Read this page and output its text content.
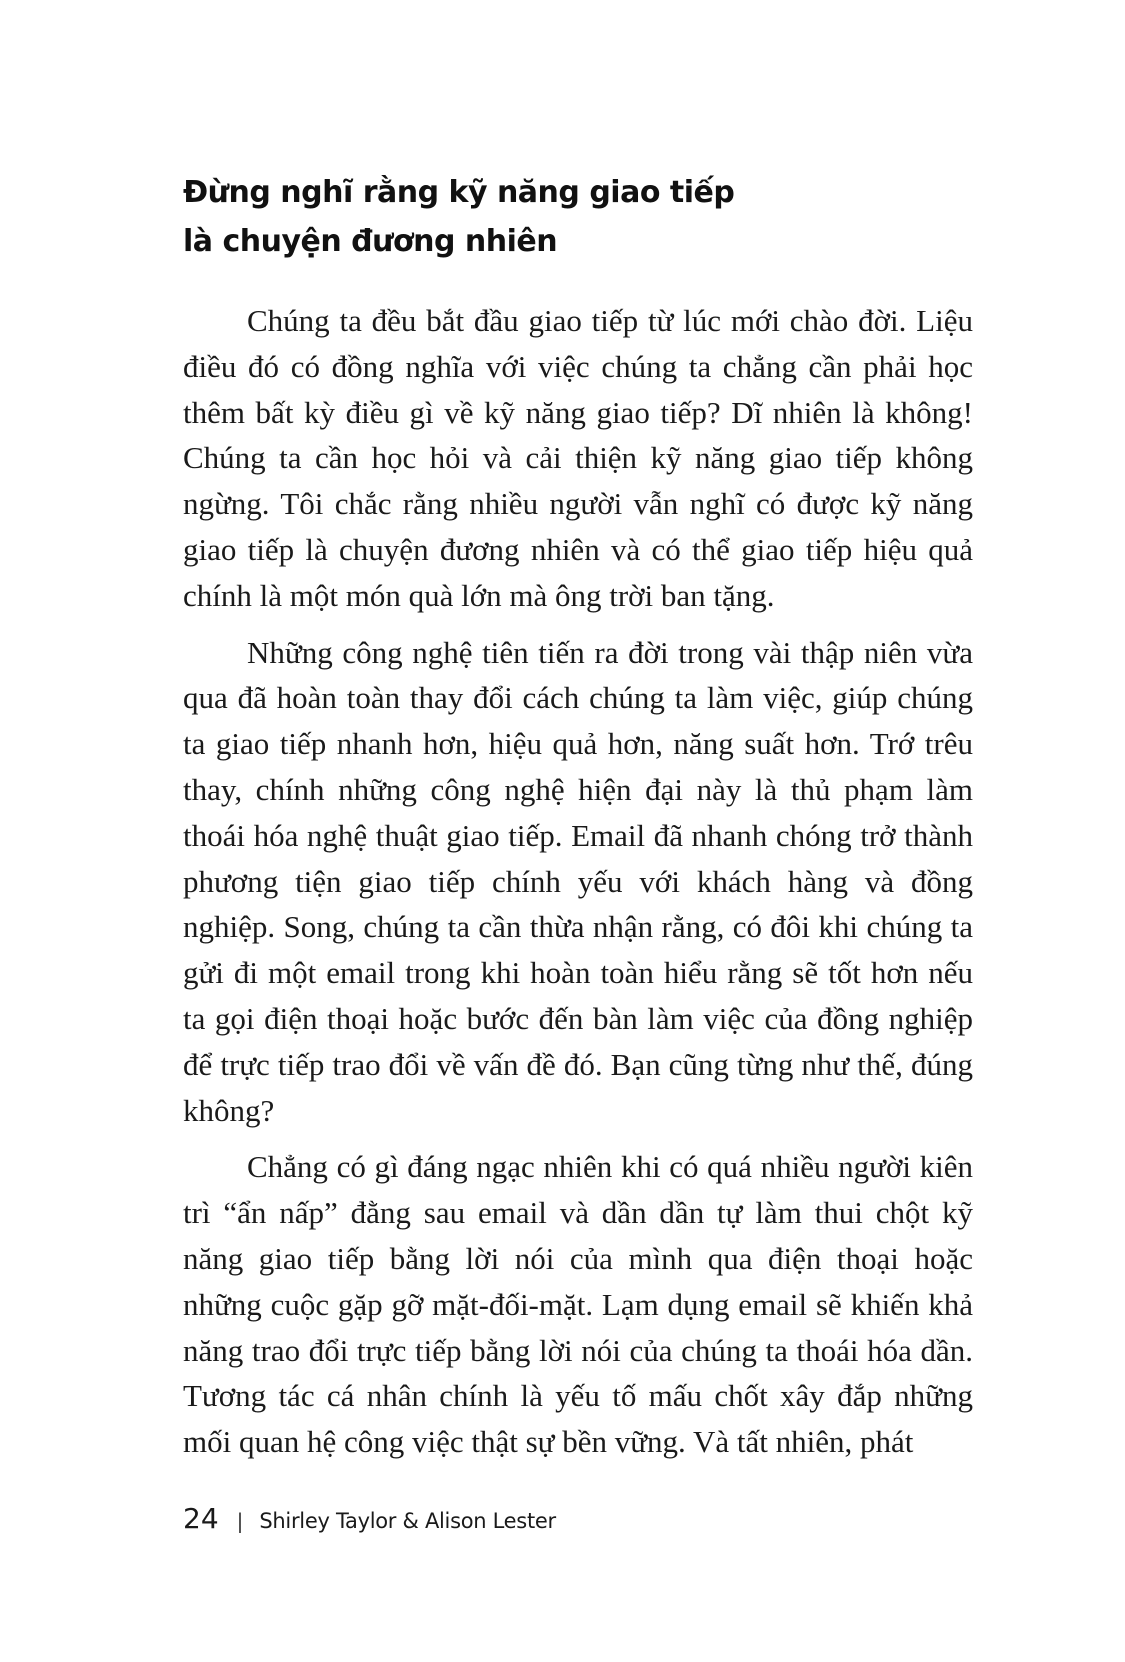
Đừng nghĩ rằng kỹ năng giao tiếp
là chuyện đương nhiên

Chúng ta đều bắt đầu giao tiếp từ lúc mới chào đời. Liệu điều đó có đồng nghĩa với việc chúng ta chẳng cần phải học thêm bất kỳ điều gì về kỹ năng giao tiếp? Dĩ nhiên là không! Chúng ta cần học hỏi và cải thiện kỹ năng giao tiếp không ngừng. Tôi chắc rằng nhiều người vẫn nghĩ có được kỹ năng giao tiếp là chuyện đương nhiên và có thể giao tiếp hiệu quả chính là một món quà lớn mà ông trời ban tặng.

Những công nghệ tiên tiến ra đời trong vài thập niên vừa qua đã hoàn toàn thay đổi cách chúng ta làm việc, giúp chúng ta giao tiếp nhanh hơn, hiệu quả hơn, năng suất hơn. Trớ trêu thay, chính những công nghệ hiện đại này là thủ phạm làm thoái hóa nghệ thuật giao tiếp. Email đã nhanh chóng trở thành phương tiện giao tiếp chính yếu với khách hàng và đồng nghiệp. Song, chúng ta cần thừa nhận rằng, có đôi khi chúng ta gửi đi một email trong khi hoàn toàn hiểu rằng sẽ tốt hơn nếu ta gọi điện thoại hoặc bước đến bàn làm việc của đồng nghiệp để trực tiếp trao đổi về vấn đề đó. Bạn cũng từng như thế, đúng không?

Chẳng có gì đáng ngạc nhiên khi có quá nhiều người kiên trì “ẩn nấp” đằng sau email và dần dần tự làm thui chột kỹ năng giao tiếp bằng lời nói của mình qua điện thoại hoặc những cuộc gặp gỡ mặt-đối-mặt. Lạm dụng email sẽ khiến khả năng trao đổi trực tiếp bằng lời nói của chúng ta thoái hóa dần. Tương tác cá nhân chính là yếu tố mấu chốt xây đắp những mối quan hệ công việc thật sự bền vững. Và tất nhiên, phát

24 | Shirley Taylor & Alison Lester
